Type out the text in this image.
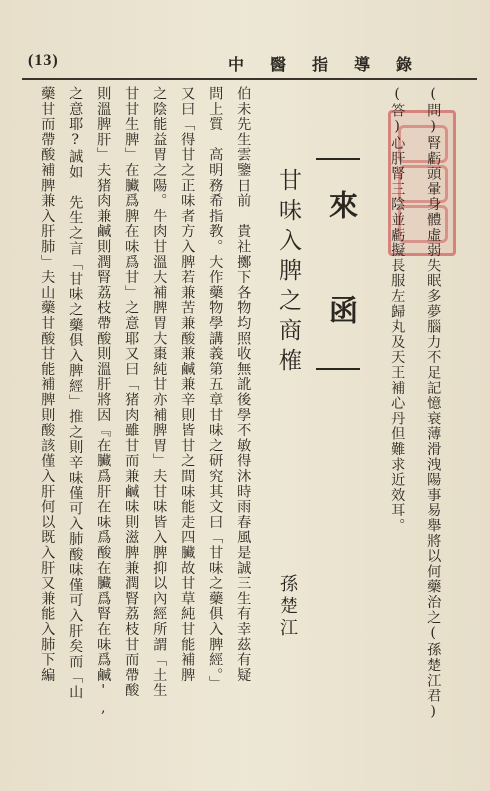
(13)	中醫指導錄
(問)腎虧頭暈身體虛弱失眠多夢腦力不足記憶衰薄滑洩陽事易舉將以何藥治之(孫楚江君)
(答)心肝腎三陰並虧擬長服左歸丸及天王補心丹但難求近效耳。
來
函
甘味入脾之商榷
孫楚江
伯未先生雲鑒日前　貴社擲下各物均照收無訛後學不敏得沐時雨春風是誠三生有幸茲有疑
問上質　高明務希指教。大作藥物學講義第五章甘味之研究其文曰「甘味之藥俱入脾經。」
又曰「得甘之正味者方入脾若兼苦兼酸兼鹹兼辛則皆甘之間味能走四臟故甘草純甘能補脾
之陰能益胃之陽。牛肉甘溫大補脾胃大棗純甘亦補脾胃」夫甘味皆入脾抑以內經所謂「土生
甘甘生脾」在臟爲脾在味爲甘」之意耶又曰「猪肉雖甘而兼鹹味則滋脾兼潤腎荔枝甘而帶酸
則溫脾肝」夫猪肉兼鹹則潤腎荔枝帶酸則溫肝將因『在臟爲肝在味爲酸在臟爲腎在味爲鹹',
之意耶?誠如　先生之言「甘味之藥俱入脾經」推之則辛味僅可入肺酸味僅可入肝矣而「山
藥甘而帶酸補脾兼入肝肺」夫山藥甘酸甘能補脾則酸該僅入肝何以既入肝又兼能入肺下編
